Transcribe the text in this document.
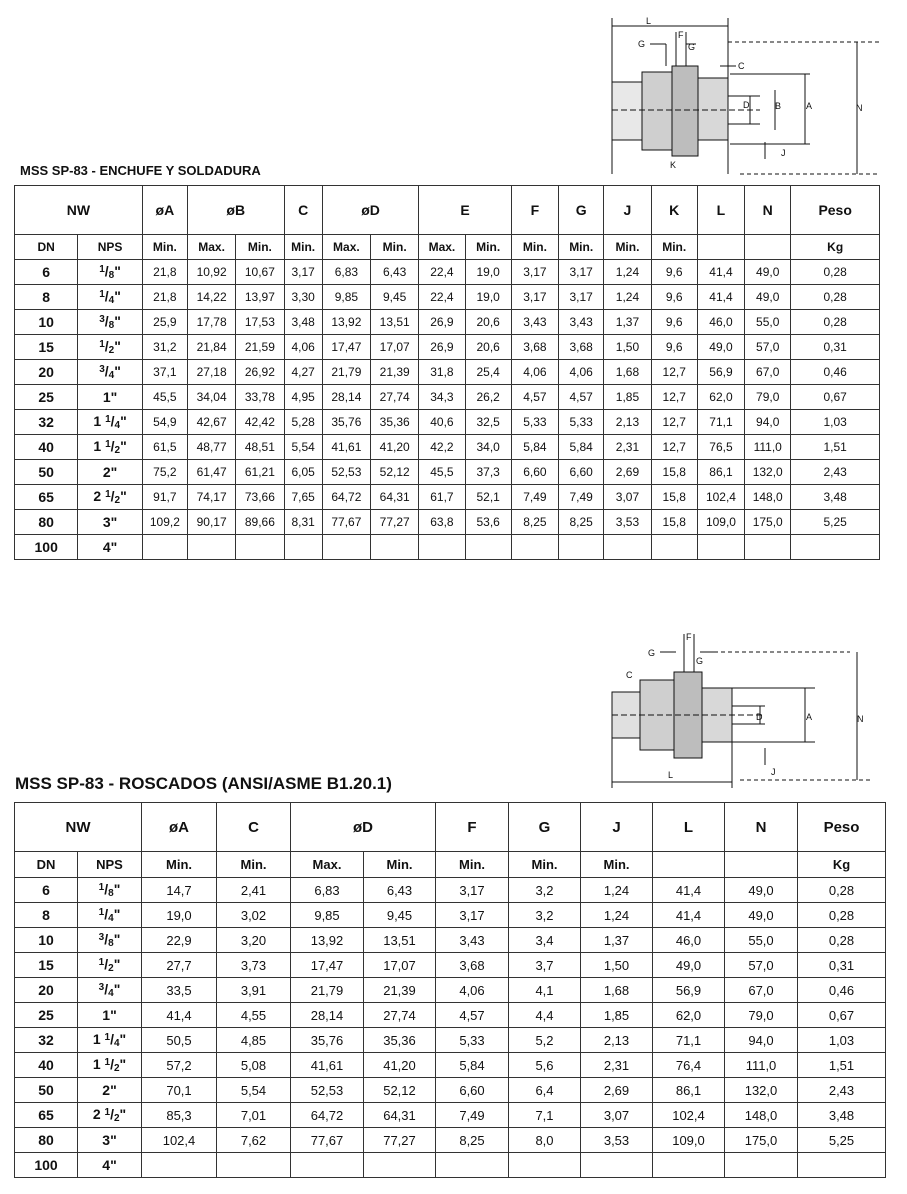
L
F
G	G
C
D	B	A	N
J
K
MSS SP-83 - ENCHUFE Y SOLDADURA
NW		øA	øB		C	øD		E		F	G	J	K	L	N	Peso
DN	NPS	Min.	Max.	Min.	Min.	Max.	Min.	Max.	Min.	Min.	Min.	Min.	Min.			Kg
6	$^1$/8"	21,8	10,92	10,67	3,17	6,83	6,43	22,4	19,0	3,17	3,17	1,24	9,6	41,4	49,0	0,28
8	$^1$/4"	21,8	14,22	13,97	3,30	9,85	9,45	22,4	19,0	3,17	3,17	1,24	9,6	41,4	49,0	0,28
10	$^3$/8"	25,9	17,78	17,53	3,48	13,92	13,51	26,9	20,6	3,43	3,43	1,37	9,6	46,0	55,0	0,28
15	$^1$/2"	31,2	21,84	21,59	4,06	17,47	17,07	26,9	20,6	3,68	3,68	1,50	9,6	49,0	57,0	0,31
20	$^3$/4"	37,1	27,18	26,92	4,27	21,79	21,39	31,8	25,4	4,06	4,06	1,68	12,7	56,9	67,0	0,46
25	1"	45,5	34,04	33,78	4,95	28,14	27,74	34,3	26,2	4,57	4,57	1,85	12,7	62,0	79,0	0,67
32	1 $^1$/4"	54,9	42,67	42,42	5,28	35,76	35,36	40,6	32,5	5,33	5,33	2,13	12,7	71,1	94,0	1,03
40	1 $^1$/2"	61,5	48,77	48,51	5,54	41,61	41,20	42,2	34,0	5,84	5,84	2,31	12,7	76,5	111,0	1,51
50	2"	75,2	61,47	61,21	6,05	52,53	52,12	45,5	37,3	6,60	6,60	2,69	15,8	86,1	132,0	2,43
65	2 $^1$/2"	91,7	74,17	73,66	7,65	64,72	64,31	61,7	52,1	7,49	7,49	3,07	15,8	102,4	148,0	3,48
80	3"	109,2	90,17	89,66	8,31	77,67	77,27	63,8	53,6	8,25	8,25	3,53	15,8	109,0	175,0	5,25
100	4"															
F
G
G
C
D	A	N
J
L
MSS SP-83 - ROSCADOS (ANSI/ASME B1.20.1)
NW		øA	C	øD		F	G	J	L	N	Peso
DN	NPS	Min.	Min.	Max.	Min.	Min.	Min.	Min.			Kg
6	$^1$/8"	14,7	2,41	6,83	6,43	3,17	3,2	1,24	41,4	49,0	0,28
8	$^1$/4"	19,0	3,02	9,85	9,45	3,17	3,2	1,24	41,4	49,0	0,28
10	$^3$/8"	22,9	3,20	13,92	13,51	3,43	3,4	1,37	46,0	55,0	0,28
15	$^1$/2"	27,7	3,73	17,47	17,07	3,68	3,7	1,50	49,0	57,0	0,31
20	$^3$/4"	33,5	3,91	21,79	21,39	4,06	4,1	1,68	56,9	67,0	0,46
25	1"	41,4	4,55	28,14	27,74	4,57	4,4	1,85	62,0	79,0	0,67
32	1 $^1$/4"	50,5	4,85	35,76	35,36	5,33	5,2	2,13	71,1	94,0	1,03
40	1 $^1$/2"	57,2	5,08	41,61	41,20	5,84	5,6	2,31	76,4	111,0	1,51
50	2"	70,1	5,54	52,53	52,12	6,60	6,4	2,69	86,1	132,0	2,43
65	2 $^1$/2"	85,3	7,01	64,72	64,31	7,49	7,1	3,07	102,4	148,0	3,48
80	3"	102,4	7,62	77,67	77,27	8,25	8,0	3,53	109,0	175,0	5,25
100	4"										
